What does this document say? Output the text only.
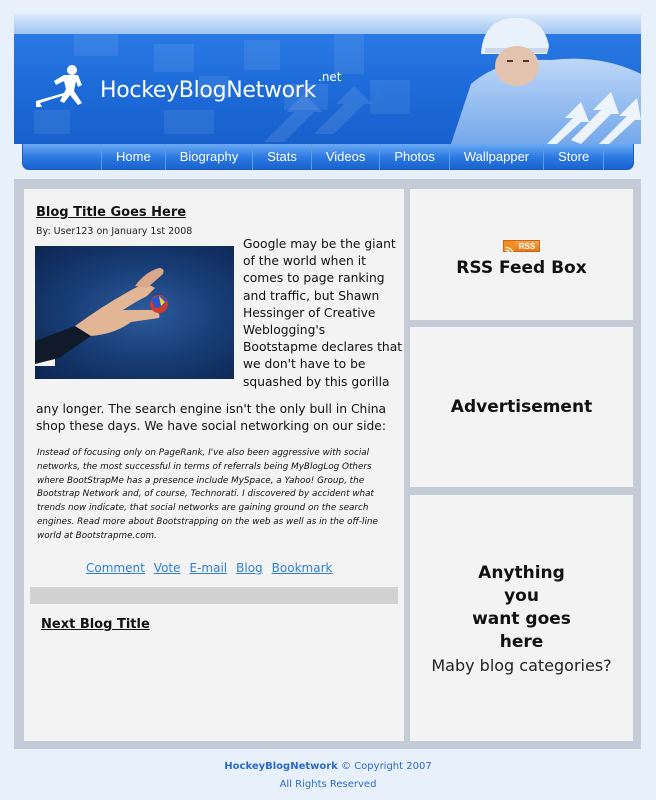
HockeyBlogNetwork
.net
Home	Biography	Stats	Videos	Photos	Wallpapper	Store
Blog Title Goes Here
By: User123 on January 1st 2008
Google may be the giant of the world when it comes to page ranking and traffic, but Shawn Hessinger of Creative Weblogging's Bootstapme declares that we don't have to be squashed by this gorilla
any longer. The search engine isn't the only bull in China shop these days. We have social networking on our side:
Instead of focusing only on PageRank, I've also been aggressive with social networks, the most successful in terms of referrals being MyBlogLog Others where BootStrapMe has a presence include MySpace, a Yahoo! Group, the Bootstrap Network and, of course, Technorati. I discovered by accident what trends now indicate, that social networks are gaining ground on the search engines. Read more about Bootstrapping on the web as well as in the off-line world at Bootstrapme.com.
Comment Vote E-mail Blog Bookmark
Next Blog Title
RSS
RSS Feed Box
Advertisement
Anything
you
want goes
here
Maby blog categories?
HockeyBlogNetwork © Copyright 2007
All Rights Reserved
